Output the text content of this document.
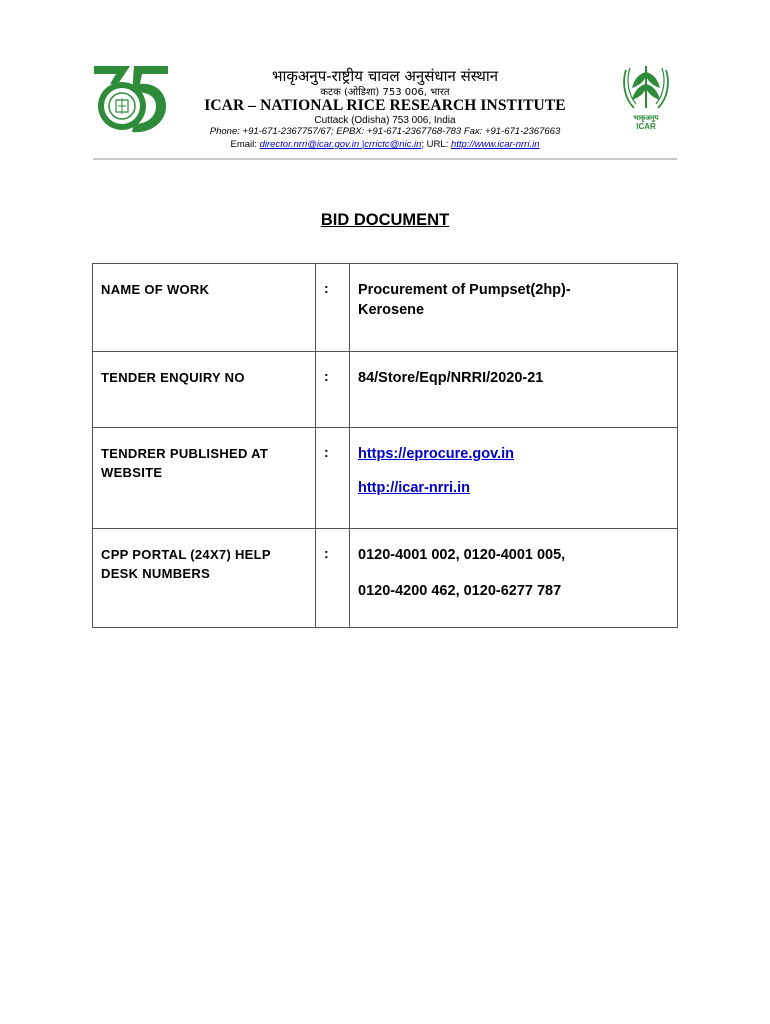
भाकृअनुप-राष्ट्रीय चावल अनुसंधान संस्थान
कटक (ओडिशा) 753 006, भारत
ICAR – NATIONAL RICE RESEARCH INSTITUTE
Cuttack (Odisha) 753 006, India
Phone: +91-671-2367757/67; EPBX: +91-671-2367768-783 Fax: +91-671-2367663
Email: director.nrri@icar.gov.in |crrictc@nic.in; URL: http://www.icar-nrri.in
भाकृअनुप
ICAR
BID DOCUMENT
NAME OF WORK	:	Procurement of Pumpset(2hp)-
Kerosene
TENDER ENQUIRY NO	:	84/Store/Eqp/NRRI/2020-21
TENDRER PUBLISHED AT
WEBSITE	:	https://eprocure.gov.in
http://icar-nrri.in

CPP PORTAL (24X7) HELP
DESK NUMBERS	:	0120-4001 002, 0120-4001 005,
0120-4200 462, 0120-6277 787
